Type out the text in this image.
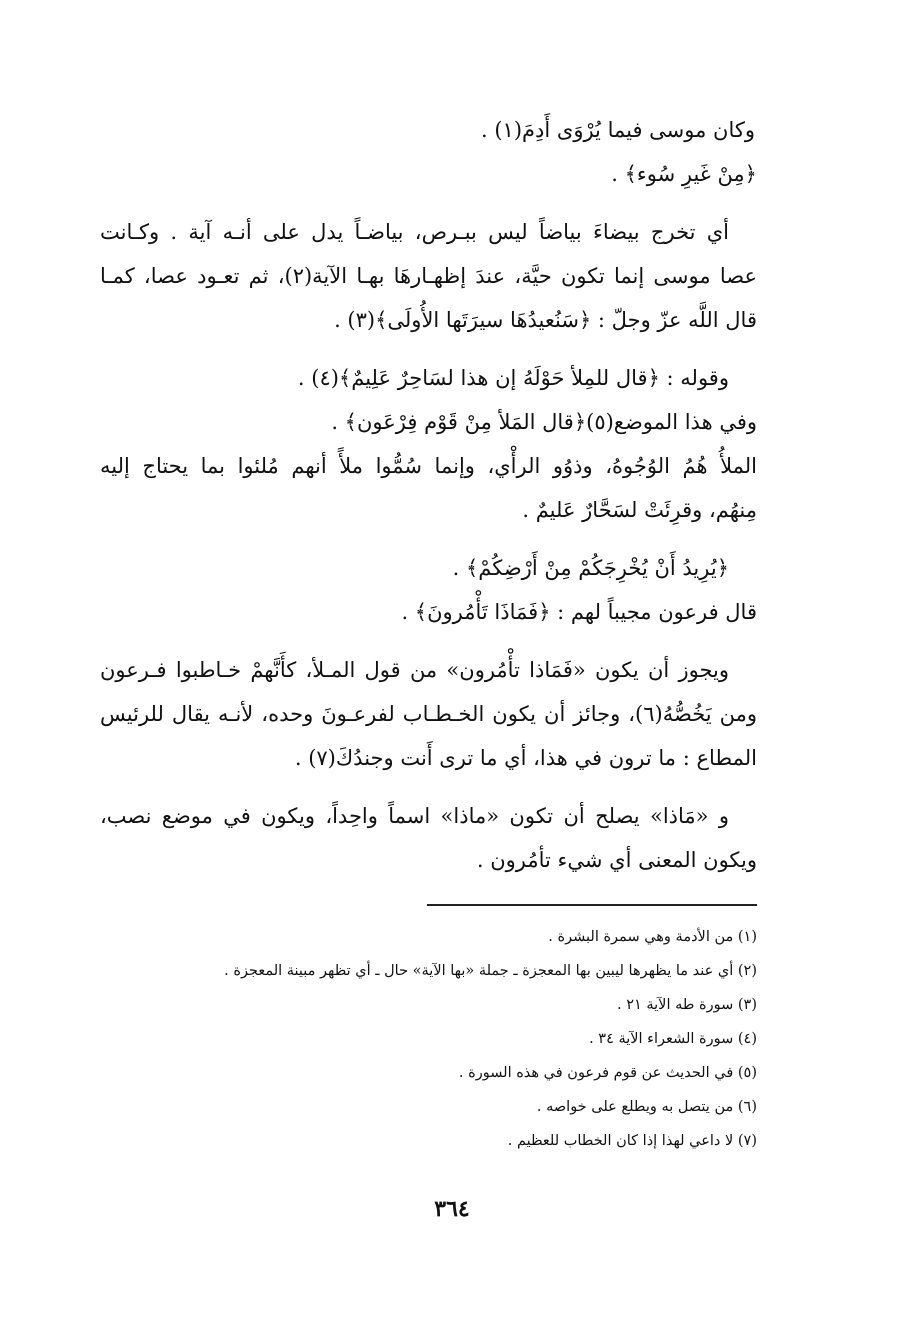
وكان موسى فيما يُرْوَى أَدِمَ(١) .
﴿مِنْ غَيرِ سُوء﴾ .
أي تخرج بيضاءَ بياضاً ليس ببـرص، بياضـاً يدل على أنـه آية . وكـانت
عصا موسى إنما تكون حيَّة، عندَ إظهـارهَا بهـا الآية(٢)، ثم تعـود عصا، كمـا
قال اللَّه عزّ وجلّ : ﴿سَنُعيدُهَا سيرَتَها الأُولَى﴾(٣) .
وقوله : ﴿قال للمِلأ حَوْلَهُ إن هذا لسَاحِرٌ عَلِيمٌ﴾(٤) .
وفي هذا الموضع(٥)﴿قال المَلأ مِنْ قَوْم فِرْعَون﴾ .
الملأُ هُمُ الوُجُوهُ، وذوُو الرأْي، وإنما سُمُّوا ملأً أنهم مُلئوا بما يحتاج إليه
مِنهُم، وقرِئَتْ لسَحَّارٌ عَليمٌ .
﴿يُرِيدُ أَنْ يُخْرِجَكُمْ مِنْ أَرْضِكُمْ﴾ .
قال فرعون مجيباً لهم : ﴿فَمَاذَا تَأْمُرونَ﴾ .
ويجوز أن يكون «فَمَاذا تأْمُرون» من قول المـلأ، كأَنَّهمْ خـاطبوا فـرعون
ومن يَخُصُّهُ(٦)، وجائز أن يكون الخـطـاب لفرعـونَ وحده، لأنـه يقال للرئيس
المطاع : ما ترون في هذا، أي ما ترى أَنت وجندُكَ(٧) .
و «مَاذا» يصلح أن تكون «ماذا» اسماً واحِداً، ويكون في موضع نصب،
ويكون المعنى أي شيء تأمُرون .
(١) من الأدمة وهي سمرة البشرة .
(٢) أي عند ما يظهرها ليبين بها المعجزة ـ جملة «بها الآية» حال ـ أي تظهر مبينة المعجزة .
(٣) سورة طه الآية ٢١ .
(٤) سورة الشعراء الآية ٣٤ .
(٥) في الحديث عن قوم فرعون في هذه السورة .
(٦) من يتصل به ويطلع على خواصه .
(٧) لا داعي لهذا إذا كان الخطاب للعظيم .
٣٦٤
